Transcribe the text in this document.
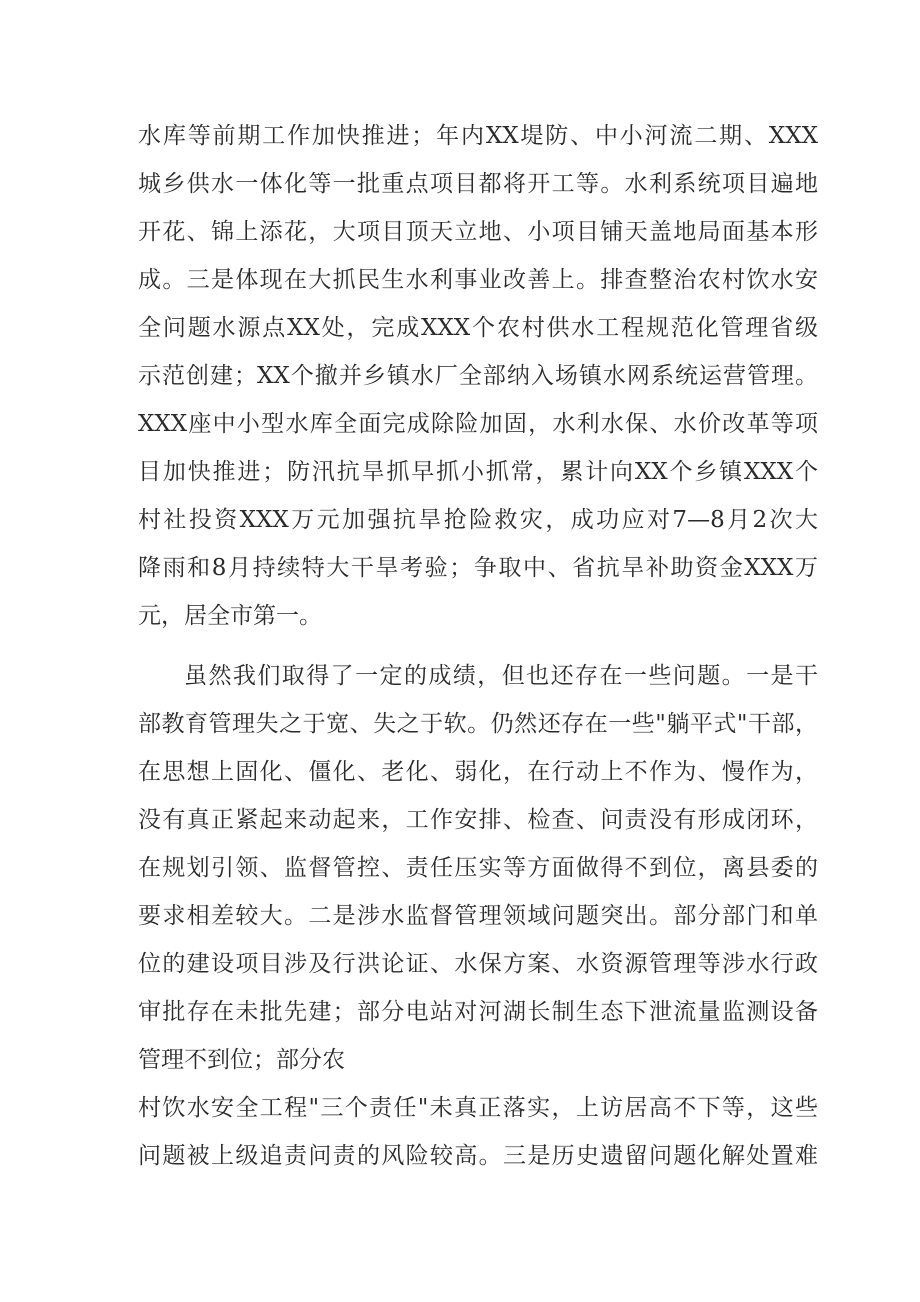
水库等前期工作加快推进；年内XX堤防、中小河流二期、XXX
城乡供水一体化等一批重点项目都将开工等。水利系统项目遍地
开花、锦上添花，大项目顶天立地、小项目铺天盖地局面基本形
成。三是体现在大抓民生水利事业改善上。排查整治农村饮水安
全问题水源点XX处，完成XXX个农村供水工程规范化管理省级
示范创建；XX个撤并乡镇水厂全部纳入场镇水网系统运营管理。
XXX座中小型水库全面完成除险加固，水利水保、水价改革等项
目加快推进；防汛抗旱抓早抓小抓常，累计向XX个乡镇XXX个
村社投资XXX万元加强抗旱抢险救灾，成功应对7—8月2次大
降雨和8月持续特大干旱考验；争取中、省抗旱补助资金XXX万
元，居全市第一。
虽然我们取得了一定的成绩，但也还存在一些问题。一是干
部教育管理失之于宽、失之于软。仍然还存在一些"躺平式"干部，
在思想上固化、僵化、老化、弱化，在行动上不作为、慢作为，
没有真正紧起来动起来，工作安排、检查、问责没有形成闭环，
在规划引领、监督管控、责任压实等方面做得不到位，离县委的
要求相差较大。二是涉水监督管理领域问题突出。部分部门和单
位的建设项目涉及行洪论证、水保方案、水资源管理等涉水行政
审批存在未批先建；部分电站对河湖长制生态下泄流量监测设备
管理不到位；部分农
村饮水安全工程"三个责任"未真正落实，上访居高不下等，这些
问题被上级追责问责的风险较高。三是历史遗留问题化解处置难
